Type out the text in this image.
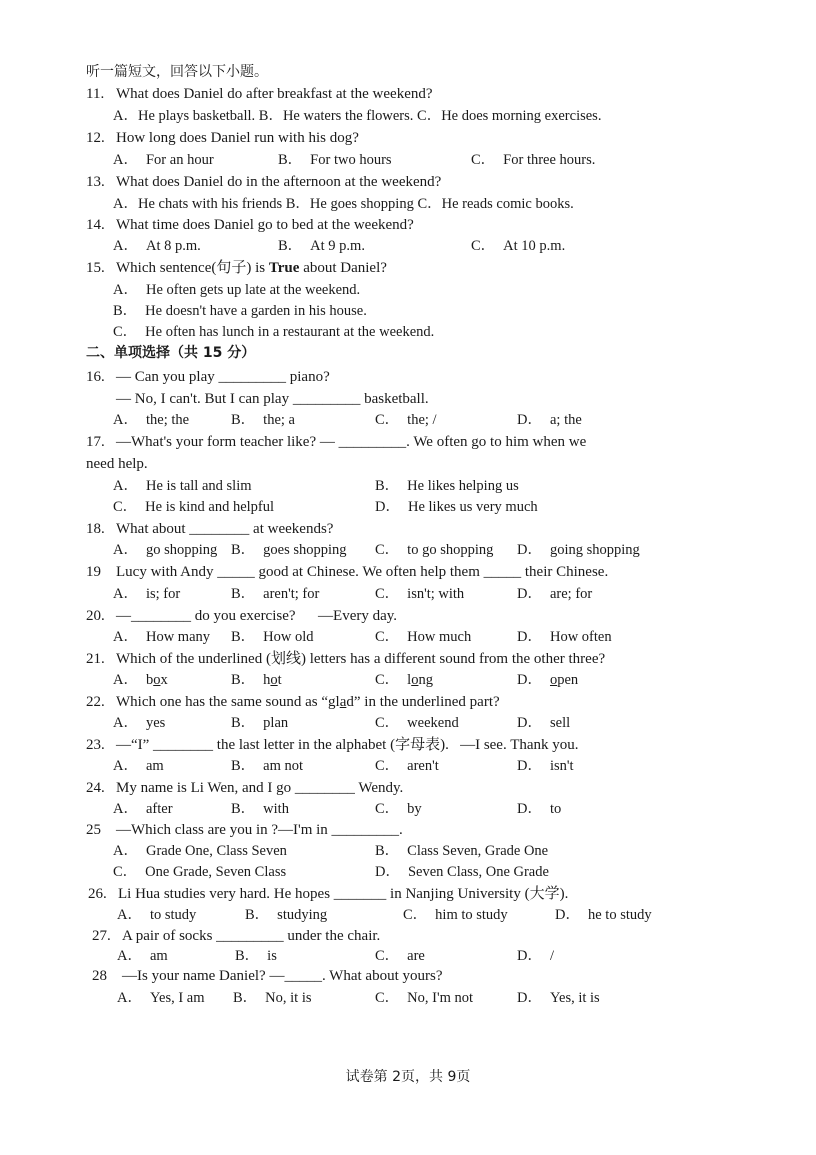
听一篇短文，回答以下小题。
11. What does Daniel do after breakfast at the weekend?
A．He plays basketball. B．He waters the flowers. C．He does morning exercises.
12. How long does Daniel run with his dog?
A． For an hour	B． For two hours	C． For three hours.
13. What does Daniel do in the afternoon at the weekend?
A．He chats with his friends B．He goes shopping C．He reads comic books.
14. What time does Daniel go to bed at the weekend?
A． At 8 p.m.	B． At 9 p.m.	C． At 10 p.m.
15. Which sentence(句子) is True about Daniel?
A． He often gets up late at the weekend.
B． He doesn't have a garden in his house.
C． He often has lunch in a restaurant at the weekend.
二、单项选择（共 15 分）
16. — Can you play _________ piano?
— No, I can't. But I can play _________ basketball.
A． the; the	B． the; a	C． the; /	D． a; the
17. —What's your form teacher like? — _________. We often go to him when we
need help.
A． He is tall and slim	B． He likes helping us
C． He is kind and helpful	D． He likes us very much
18. What about ________ at weekends?
A． go shopping B． goes shopping C． to go shopping D． going shopping
19 Lucy with Andy _____ good at Chinese. We often help them _____ their Chinese.
A． is; for	B． aren't; for	C． isn't; with	D． are; for
20. —________ do you exercise?      —Every day.
A． How many B． How old	C． How much	D． How often
21. Which of the underlined (划线) letters has a different sound from the other three?
A． box	B． hot	C． long	D． open
22. Which one has the same sound as “glad” in the underlined part?
A． yes	B． plan	C． weekend	D． sell
23. —“I” ________ the last letter in the alphabet (字母表).   —I see. Thank you.
A． am	B． am not	C． aren't	D． isn't
24. My name is Li Wen, and I go ________ Wendy.
A． after	B． with	C． by	D． to
25 —Which class are you in ?—I'm in _________.
A． Grade One, Class Seven	B． Class Seven, Grade One
C． One Grade, Seven Class	D． Seven Class, One Grade
26. Li Hua studies very hard. He hopes _______ in Nanjing University (大学).
A． to study	B． studying	C． him to study	D． he to study
27. A pair of socks _________ under the chair.
A． am	B． is	C． are	D． /
28 —Is your name Daniel? —_____. What about yours?
A． Yes, I am B． No, it is	C． No, I'm not	D． Yes, it is
试卷第 2页，共 9页
